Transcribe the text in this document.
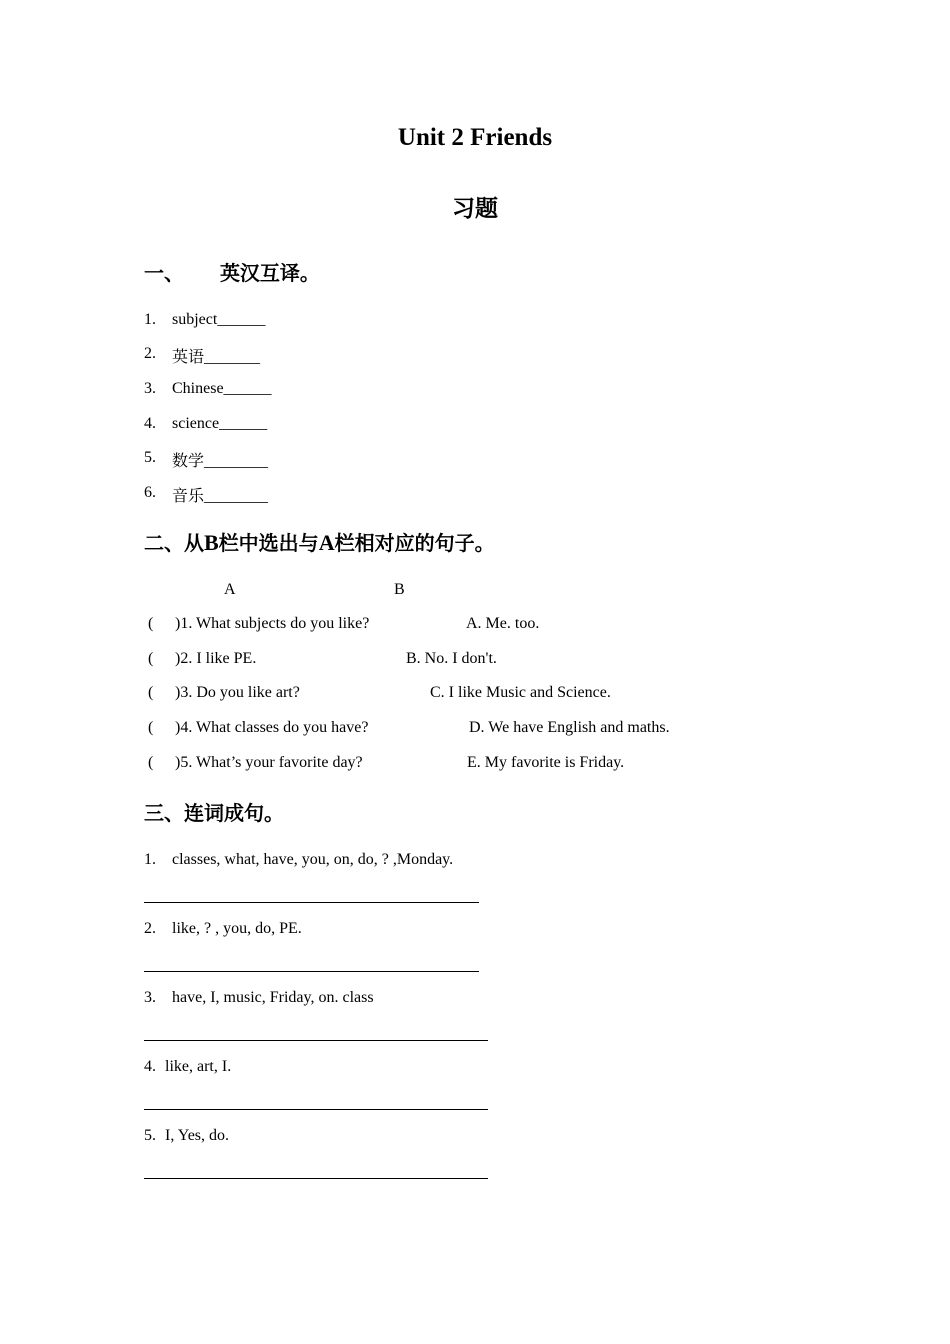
Unit 2 Friends
习题
一、 英汉互译。
1. subject______
2. 英语_______
3. Chinese______
4. science______
5. 数学________
6. 音乐________
二、从B栏中选出与A栏相对应的句子。
A	B
( )1. What subjects do you like?	A. Me. too.
( )2. I like PE.	B. No. I don't.
( )3. Do you like art?	C. I like Music and Science.
( )4. What classes do you have?	D. We have English and maths.
( )5. What’s your favorite day?	E. My favorite is Friday.
三、连词成句。
1. classes, what, have, you, on, do, ? ,Monday.
2. like, ? , you, do, PE.
3. have, I, music, Friday, on. class
4. like, art, I.
5. I, Yes, do.
